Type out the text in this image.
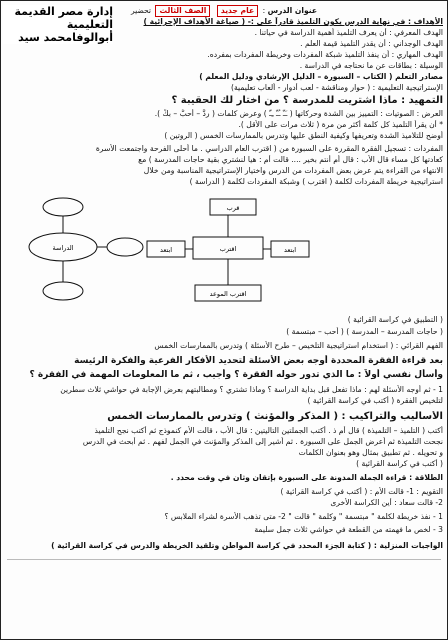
عنوان الدرس : عام جديد الصف الثالث تحضير
الأهداف : في نهاية الدرس يكون التلميذ قادراً على :- ( صياغة الأهداف الإجرائية )
الهدف المعرفي : أن يعرف التلميذ أهمية الدراسة في حياتنا .
الهدف الوجداني : أن يقدر التلميذ قيمة العلم .
الهدف المهاري : أن ينفذ التلميذ شبكة المفردات وخريطة المفردات بمفرده.
الوسيلة : بطاقات عن ما نحتاجه في الدراسة .
مصادر التعلم ( الكتاب – السبورة – الدليل الإرشادي ودليل المعلم )
الإستراتيجية التعليمية : ( حوار ومناقشة - لعب أدوار - ألعاب تعليمية)
التمهيد : ماذا اشتريت للمدرسة ؟ من اختار لك الحقيبة ؟
العرض : الصوتيات : التمييز بين الشدة وحركاتها ( ـَـّ ـُـّ ـِـّ ) وعرض كلمات ( ردَّ – أحبُّ – بكِّ ).
* أن يقرأ التلميذ كل كلمة أكثر من مرة ( ثلاث مرات على الأقل ).
أوضح للتلاميذ الشدة وتعريفها وكيفية النطق عليها وتدرس بالممارسات الخمس ( الروتين )
المفردات : تسجيل الفقرة المقررة على السبورة من ( اقترب العام الدراسي . ما أحلى الفرحة واجتمعت الأسرة
كعادتها كل مساء قال الأب : قال أم أنتم بخير .... قالت أم : هيا لنشتري بقية حاجات المدرسة ) مع
الانتهاء من القراءة يتم عرض بعض المفردات من الدرس واختيار الإستراتيجية المناسبة ومن خلال
استراتيجية خريطة المفردات لكلمة ( اقترب ) وشبكة المفردات لكلمة ( الدراسة )
إدارة مصر القديمة التعليمية
أبوالوفامحمد سيد
اقترب
قرب
ابتعد	ابتعد
اقترب الموعد
الدراسة
( التطبيق في كراسة القرائية )
( حاجات المدرسة – المدرسة ) ( أحب – مبتسمة )
الفهم القرائي : ( استخدام استراتيجية التلخيص – طرح الأسئلة ) وتدرس بالممارسات الخمس
بعد قراءة الفقرة المحددة أوجه بعض الأسئلة لتحديد الأفكار الفرعية والفكرة الرئيسة
وأسأل نفسي أولاً : ما الذي تدور حوله الفقرة ؟ وأجيب ، ثم ما المعلومات المهمة في الفقرة ؟
1 - ثم أوجه الأسئلة لهم : ماذا تفعل قبل بداية الدراسة ؟ وماذا تشتري ؟ ومطالبتهم بعرض الإجابة في حواشي ثلاث سطرين
لتلخيص الفقرة ( أكتب في كراسة القرائية )
الأساليب والتراكيب : ( المذكر والمؤنث ) وتدرس بالممارسات الخمس
أكتب ( التلميذ – التلميذة ) قال أم ذ . أكتب الجملتين التاليتين : قال الأب ، قالت الأم كنموذج ثم أكتب نجح التلميذ
نجحت التلميذة ثم أعرض الجمل على السبورة . ثم أشير إلى المذكر والمؤنث في الجمل لفهم . ثم أبحث في الدرس
و تحويله . ثم تطبيق بمثال وهو بعنوان الكلمات
( أكتب في كراسة القرائية )
الطلاقة : قراءة الجملة المدونة على السبورة بإتقان وثان في وقت محدد .
التقويم : 1- قالت الأم : ( أكتب في كراسة القرائية )
2- قالت سعاد : أين الكراسة الأخرى
1 - نفذ خريطة لكلمة " مبتسمة " وكلمة " قالت " 2- متى تذهب الأسرة لشراء الملابس ؟
3 - لخص ما فهمته من القطعة في حواشي ثلاث جمل سليمة
الواجبات المنزلية : ( كتابة الجزء المحدد في كراسة المواطن وتلقيد الخريطة والدرس في كراسة القرائية )
